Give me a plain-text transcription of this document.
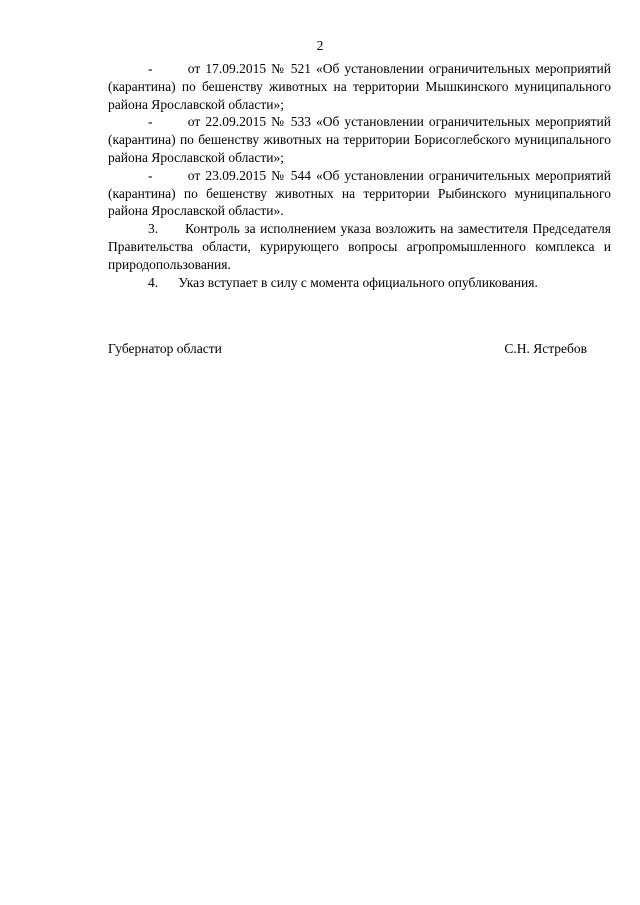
2

-       от 17.09.2015 № 521 «Об установлении ограничительных мероприятий (карантина) по бешенству животных на территории Мышкинского муниципального района Ярославской области»;

-       от 22.09.2015 № 533 «Об установлении ограничительных мероприятий (карантина) по бешенству животных на территории Борисоглебского муниципального района Ярославской области»;

-       от 23.09.2015 № 544 «Об установлении ограничительных мероприятий (карантина) по бешенству животных на территории Рыбинского муниципального района Ярославской области».

3.      Контроль за исполнением указа возложить на заместителя Председателя Правительства области, курирующего вопросы агропромышленного комплекса и природопользования.

4.      Указ вступает в силу с момента официального опубликования.

Губернатор области	С.Н. Ястребов
